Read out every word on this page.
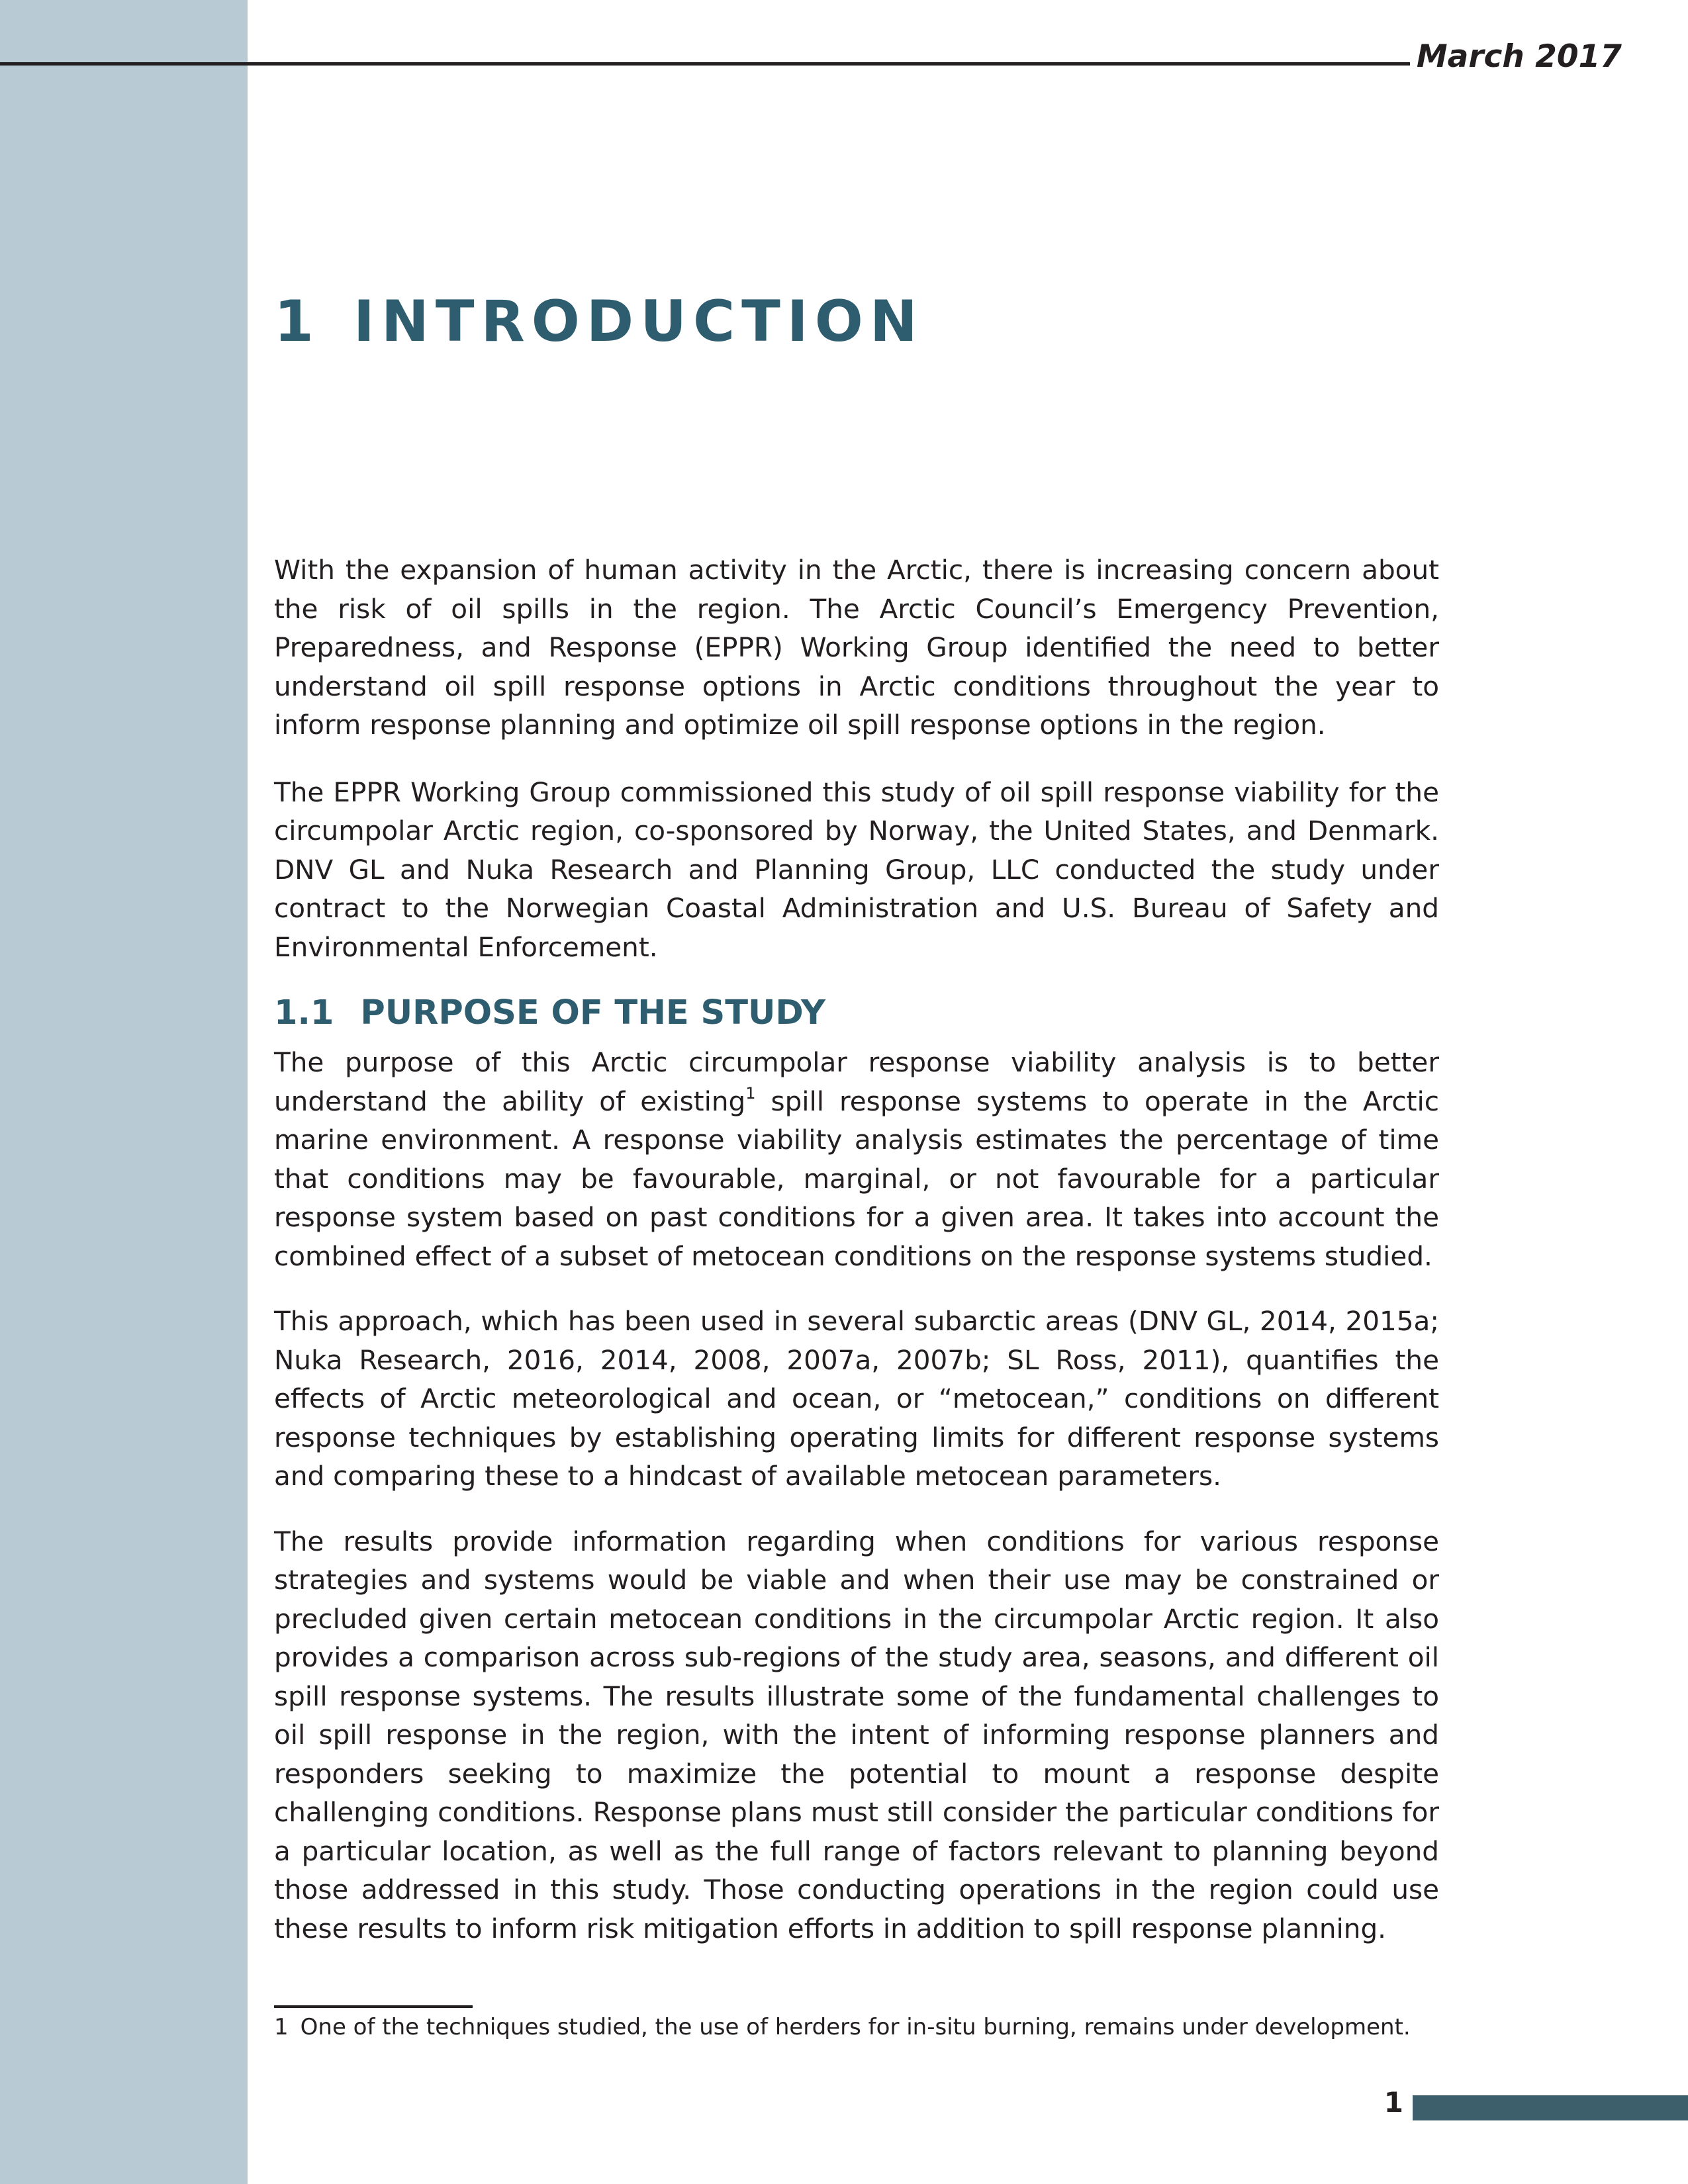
March 2017
1 INTRODUCTION

With the expansion of human activity in the Arctic, there is increasing concern about the risk of oil spills in the region. The Arctic Council’s Emergency Prevention, Preparedness, and Response (EPPR) Working Group identified the need to better understand oil spill response options in Arctic conditions throughout the year to inform response planning and optimize oil spill response options in the region.

The EPPR Working Group commissioned this study of oil spill response viability for the circumpolar Arctic region, co-sponsored by Norway, the United States, and Denmark. DNV GL and Nuka Research and Planning Group, LLC conducted the study under contract to the Norwegian Coastal Administration and U.S. Bureau of Safety and Environmental Enforcement.

1.1 PURPOSE OF THE STUDY

The purpose of this Arctic circumpolar response viability analysis is to better understand the ability of existing$^1$ spill response systems to operate in the Arctic marine environment. A response viability analysis estimates the percentage of time that conditions may be favourable, marginal, or not favourable for a particular response system based on past conditions for a given area. It takes into account the combined effect of a subset of metocean conditions on the response systems studied.

This approach, which has been used in several subarctic areas (DNV GL, 2014, 2015a; Nuka Research, 2016, 2014, 2008, 2007a, 2007b; SL Ross, 2011), quantifies the effects of Arctic meteorological and ocean, or “metocean,” conditions on different response techniques by establishing operating limits for different response systems and comparing these to a hindcast of available metocean parameters.

The results provide information regarding when conditions for various response strategies and systems would be viable and when their use may be constrained or precluded given certain metocean conditions in the circumpolar Arctic region. It also provides a comparison across sub-regions of the study area, seasons, and different oil spill response systems. The results illustrate some of the fundamental challenges to oil spill response in the region, with the intent of informing response planners and responders seeking to maximize the potential to mount a response despite challenging conditions. Response plans must still consider the particular conditions for a particular location, as well as the full range of factors relevant to planning beyond those addressed in this study. Those conducting operations in the region could use these results to inform risk mitigation efforts in addition to spill response planning.

1 One of the techniques studied, the use of herders for in-situ burning, remains under development.
1
